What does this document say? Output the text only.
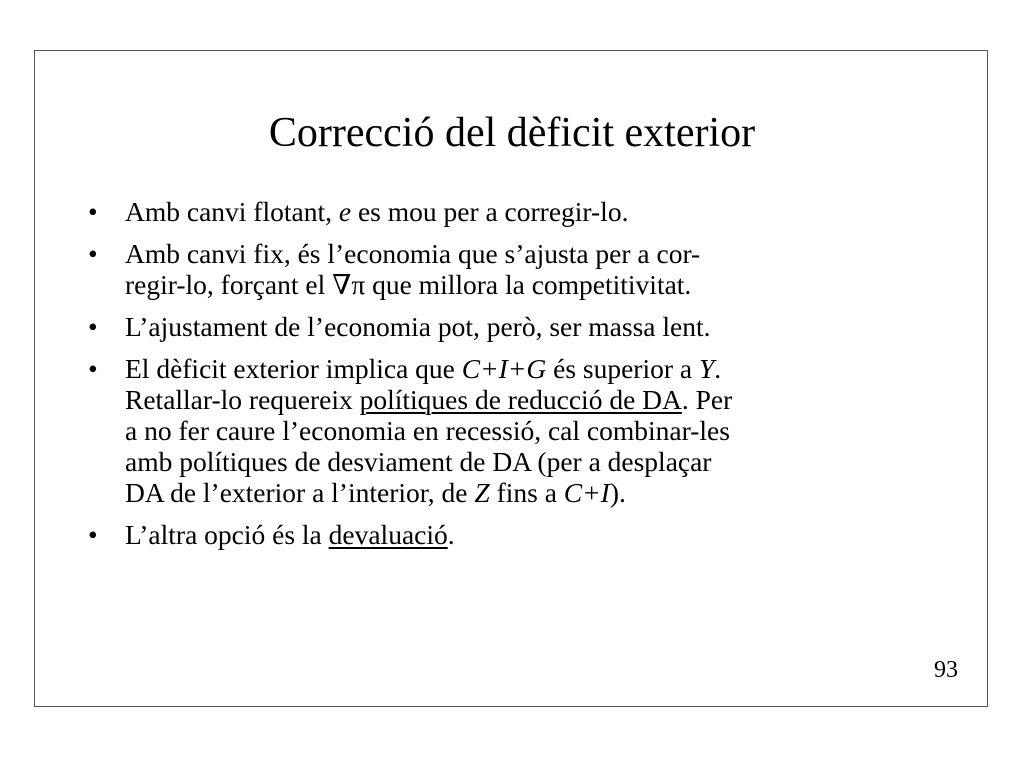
Correcció del dèficit exterior
• Amb canvi flotant, e es mou per a corregir-lo.
• Amb canvi fix, és l’economia que s’ajusta per a cor-
regir-lo, forçant el ∇π que millora la competitivitat.
• L’ajustament de l’economia pot, però, ser massa lent.
• El dèficit exterior implica que C+I+G és superior a Y.
Retallar-lo requereix polítiques de reducció de DA. Per
a no fer caure l’economia en recessió, cal combinar-les
amb polítiques de desviament de DA (per a desplaçar
DA de l’exterior a l’interior, de Z fins a C+I).
• L’altra opció és la devaluació.
93
